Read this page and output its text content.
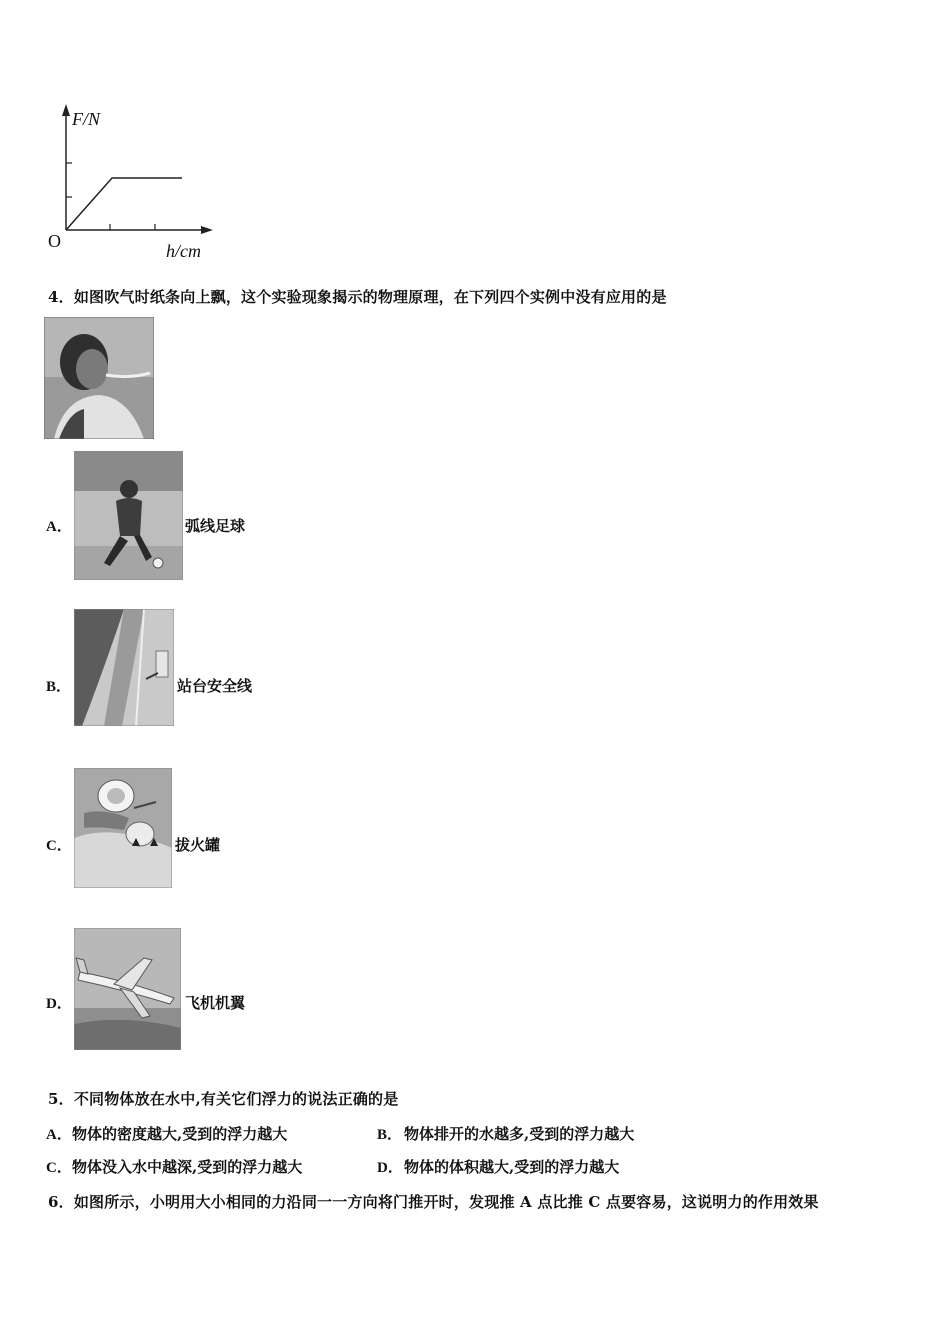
F/N
O	h/cm
4．如图吹气时纸条向上飘，这个实验现象揭示的物理原理，在下列四个实例中没有应用的是
A．	弧线足球
B．	站台安全线
C．	拔火罐
D．	飞机机翼
5．不同物体放在水中,有关它们浮力的说法正确的是
A． 物体的密度越大,受到的浮力越大	B． 物体排开的水越多,受到的浮力越大
C． 物体没入水中越深,受到的浮力越大	D． 物体的体积越大,受到的浮力越大
6．如图所示，小明用大小相同的力沿同一一方向将门推开时，发现推 A 点比推 C 点要容易，这说明力的作用效果
